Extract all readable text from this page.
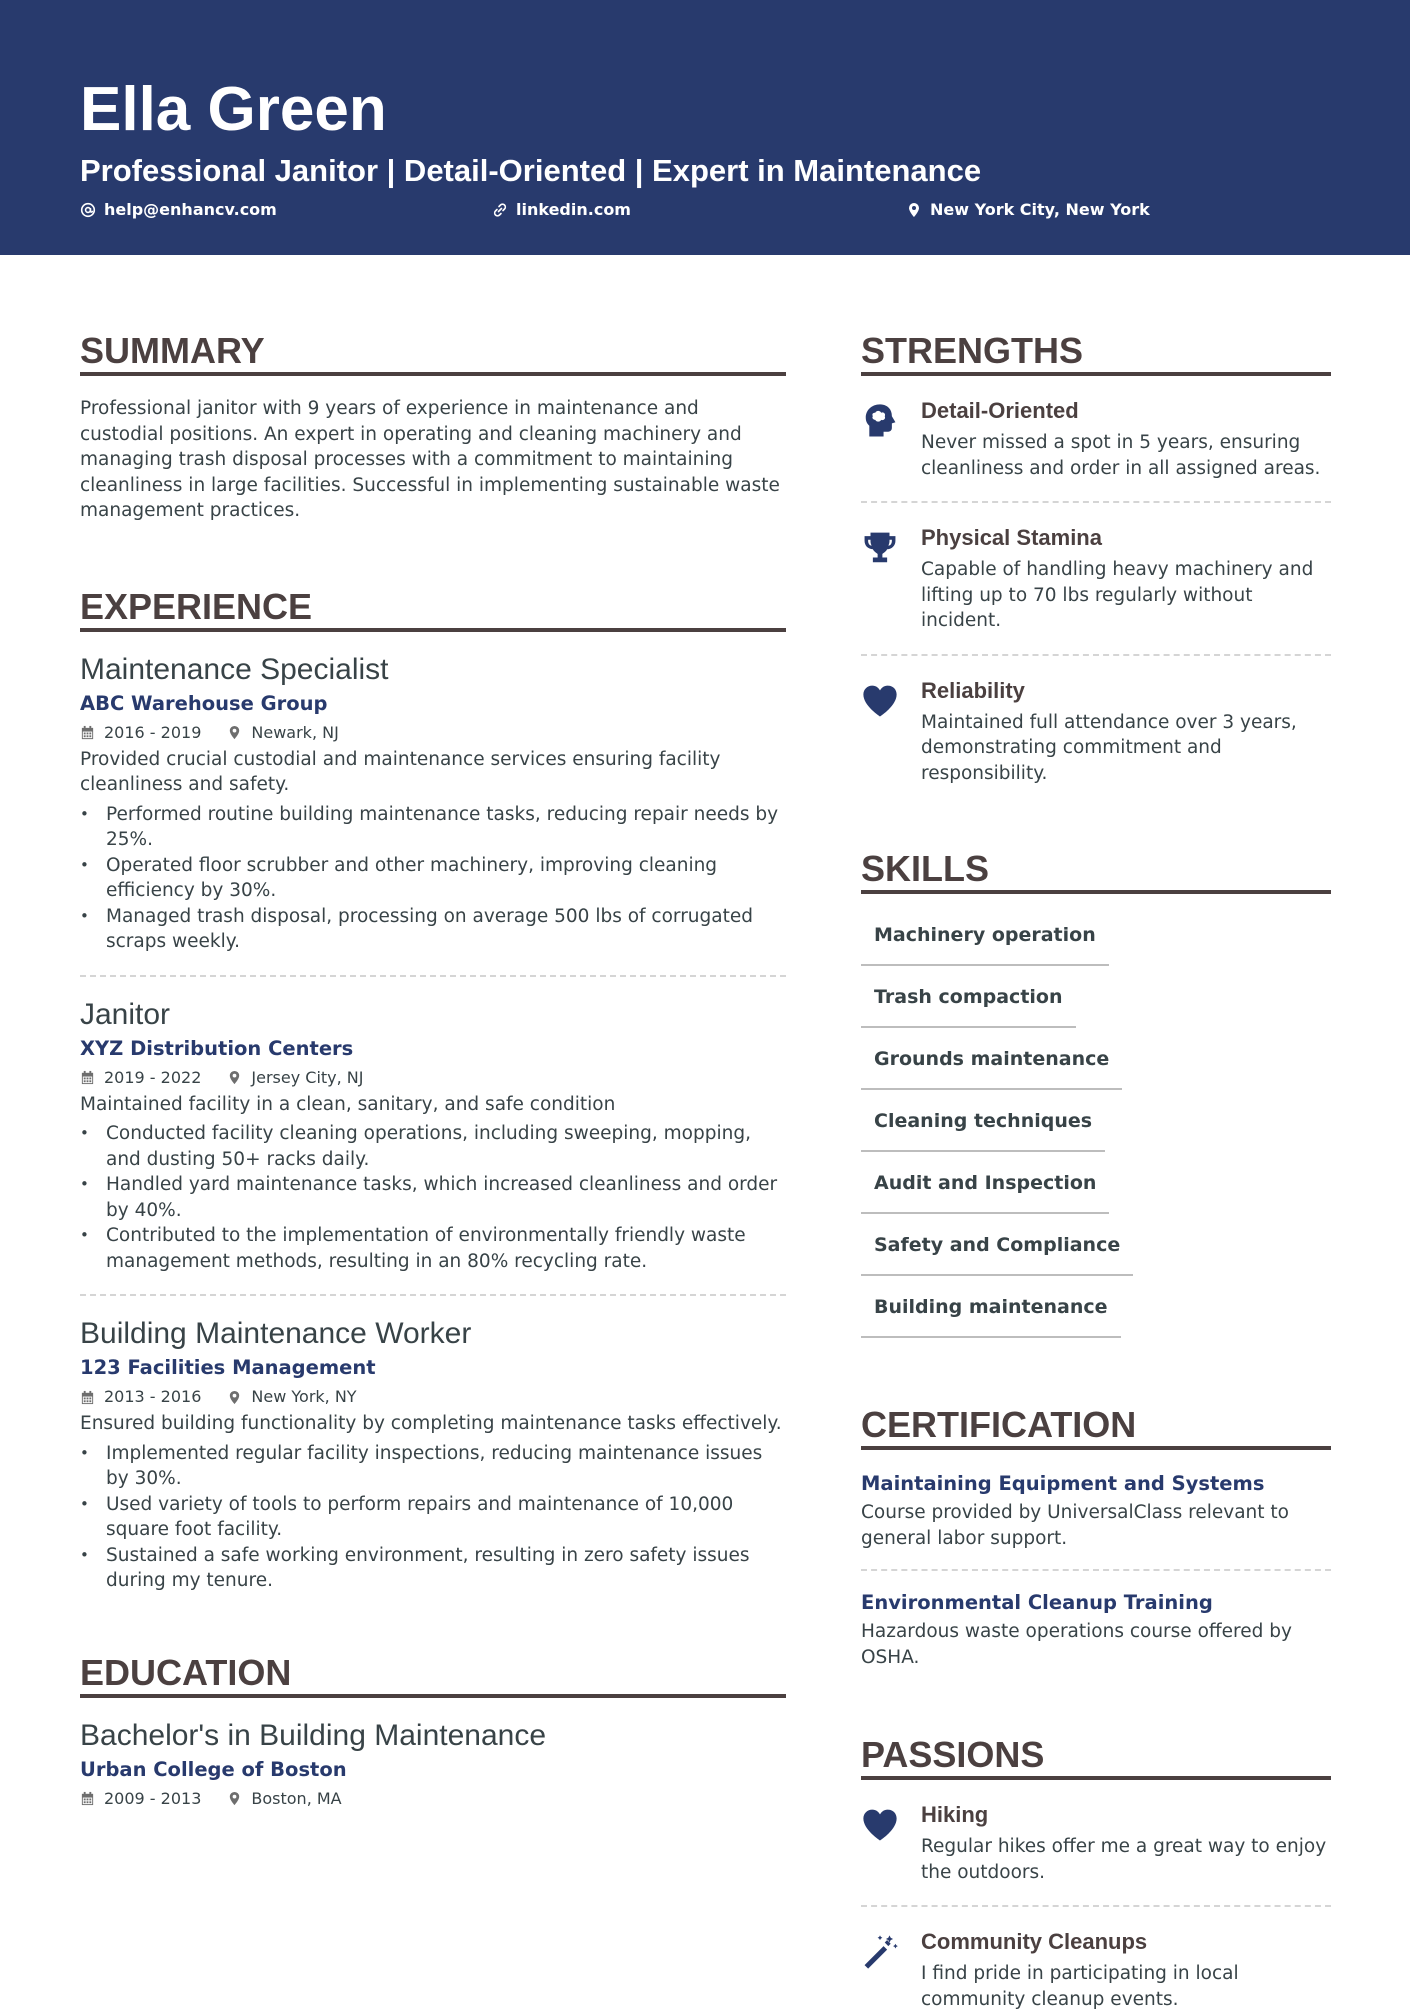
Ella Green
Professional Janitor | Detail-Oriented | Expert in Maintenance
help@enhancv.com	linkedin.com	New York City, New York
SUMMARY
Professional janitor with 9 years of experience in maintenance and custodial positions. An expert in operating and cleaning machinery and managing trash disposal processes with a commitment to maintaining cleanliness in large facilities. Successful in implementing sustainable waste management practices.
EXPERIENCE
Maintenance Specialist
ABC Warehouse Group
2016 - 2019	Newark, NJ
Provided crucial custodial and maintenance services ensuring facility cleanliness and safety.
• Performed routine building maintenance tasks, reducing repair needs by 25%.
• Operated floor scrubber and other machinery, improving cleaning efficiency by 30%.
• Managed trash disposal, processing on average 500 lbs of corrugated scraps weekly.
Janitor
XYZ Distribution Centers
2019 - 2022	Jersey City, NJ
Maintained facility in a clean, sanitary, and safe condition
• Conducted facility cleaning operations, including sweeping, mopping, and dusting 50+ racks daily.
• Handled yard maintenance tasks, which increased cleanliness and order by 40%.
• Contributed to the implementation of environmentally friendly waste management methods, resulting in an 80% recycling rate.
Building Maintenance Worker
123 Facilities Management
2013 - 2016	New York, NY
Ensured building functionality by completing maintenance tasks effectively.
• Implemented regular facility inspections, reducing maintenance issues by 30%.
• Used variety of tools to perform repairs and maintenance of 10,000 square foot facility.
• Sustained a safe working environment, resulting in zero safety issues during my tenure.
EDUCATION
Bachelor's in Building Maintenance
Urban College of Boston
2009 - 2013	Boston, MA
STRENGTHS
Detail-Oriented
Never missed a spot in 5 years, ensuring cleanliness and order in all assigned areas.
Physical Stamina
Capable of handling heavy machinery and lifting up to 70 lbs regularly without incident.
Reliability
Maintained full attendance over 3 years, demonstrating commitment and responsibility.
SKILLS
Machinery operation
Trash compaction
Grounds maintenance
Cleaning techniques
Audit and Inspection
Safety and Compliance
Building maintenance
CERTIFICATION
Maintaining Equipment and Systems
Course provided by UniversalClass relevant to general labor support.
Environmental Cleanup Training
Hazardous waste operations course offered by OSHA.
PASSIONS
Hiking
Regular hikes offer me a great way to enjoy the outdoors.
Community Cleanups
I find pride in participating in local community cleanup events.
